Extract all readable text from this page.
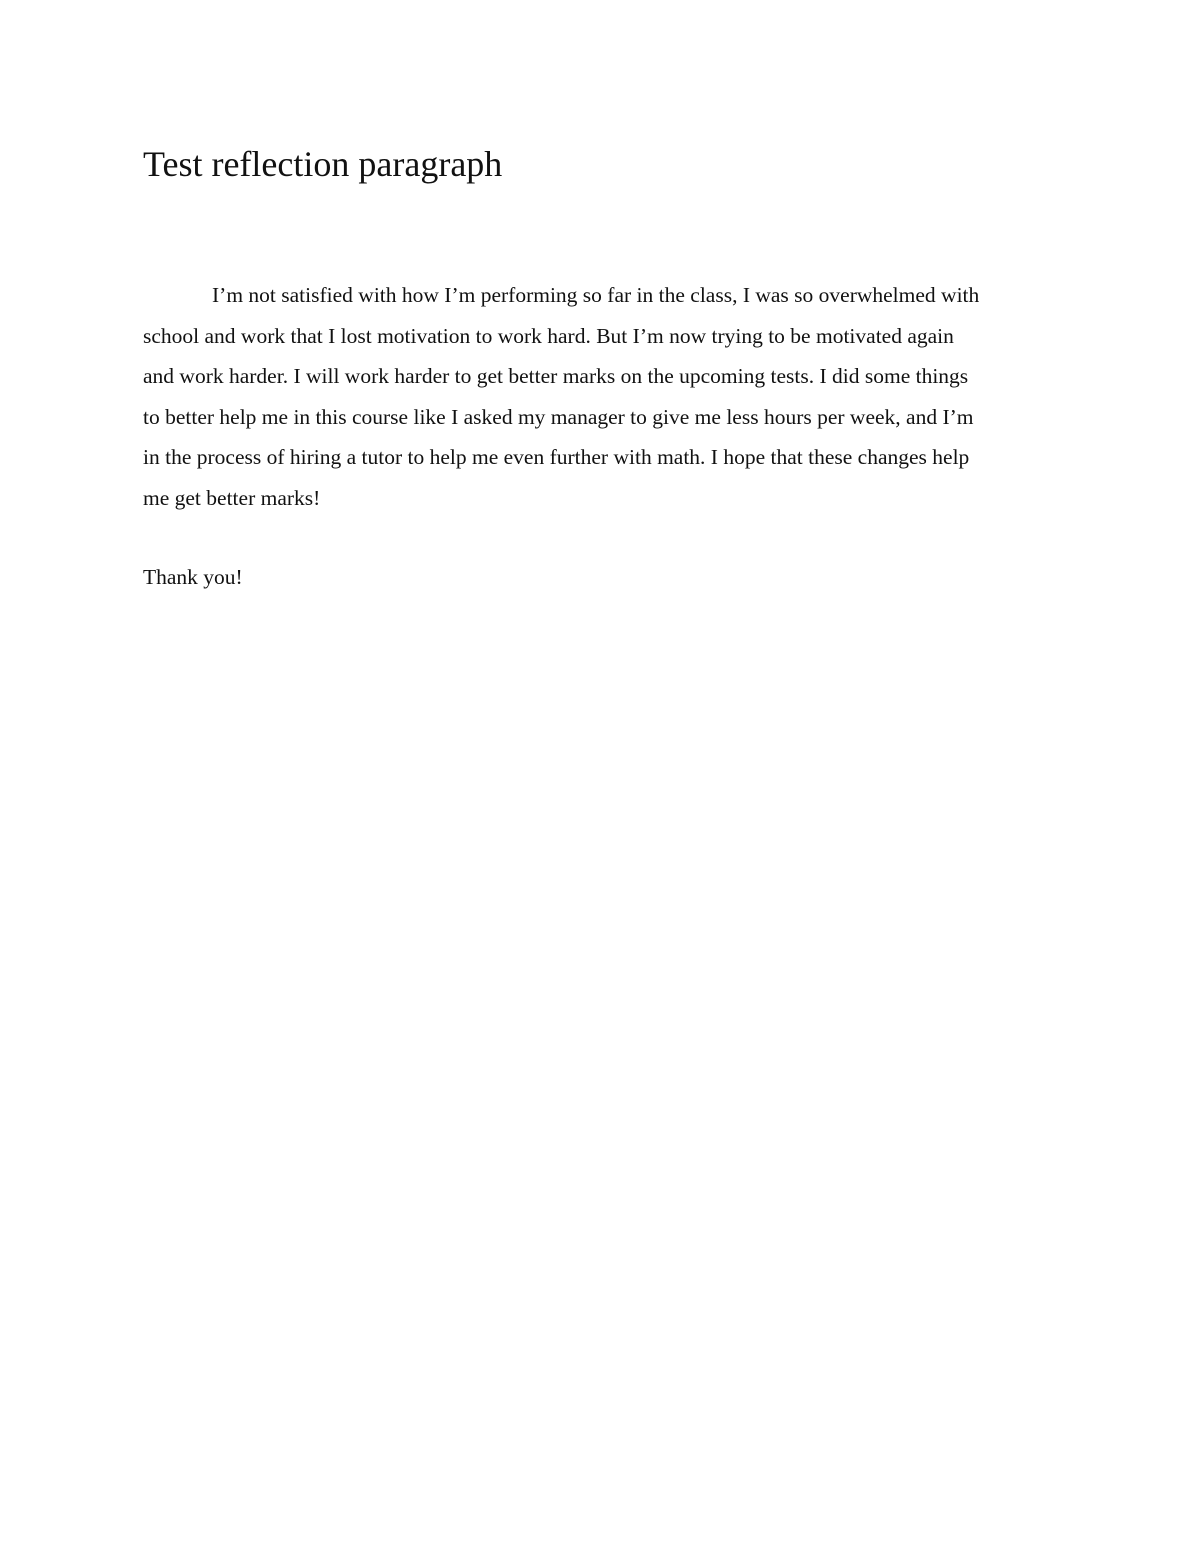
Test reflection paragraph
I’m not satisfied with how I’m performing so far in the class, I was so overwhelmed with
school and work that I lost motivation to work hard. But I’m now trying to be motivated again
and work harder. I will work harder to get better marks on the upcoming tests. I did some things
to better help me in this course like I asked my manager to give me less hours per week, and I’m
in the process of hiring a tutor to help me even further with math. I hope that these changes help
me get better marks!
Thank you!
